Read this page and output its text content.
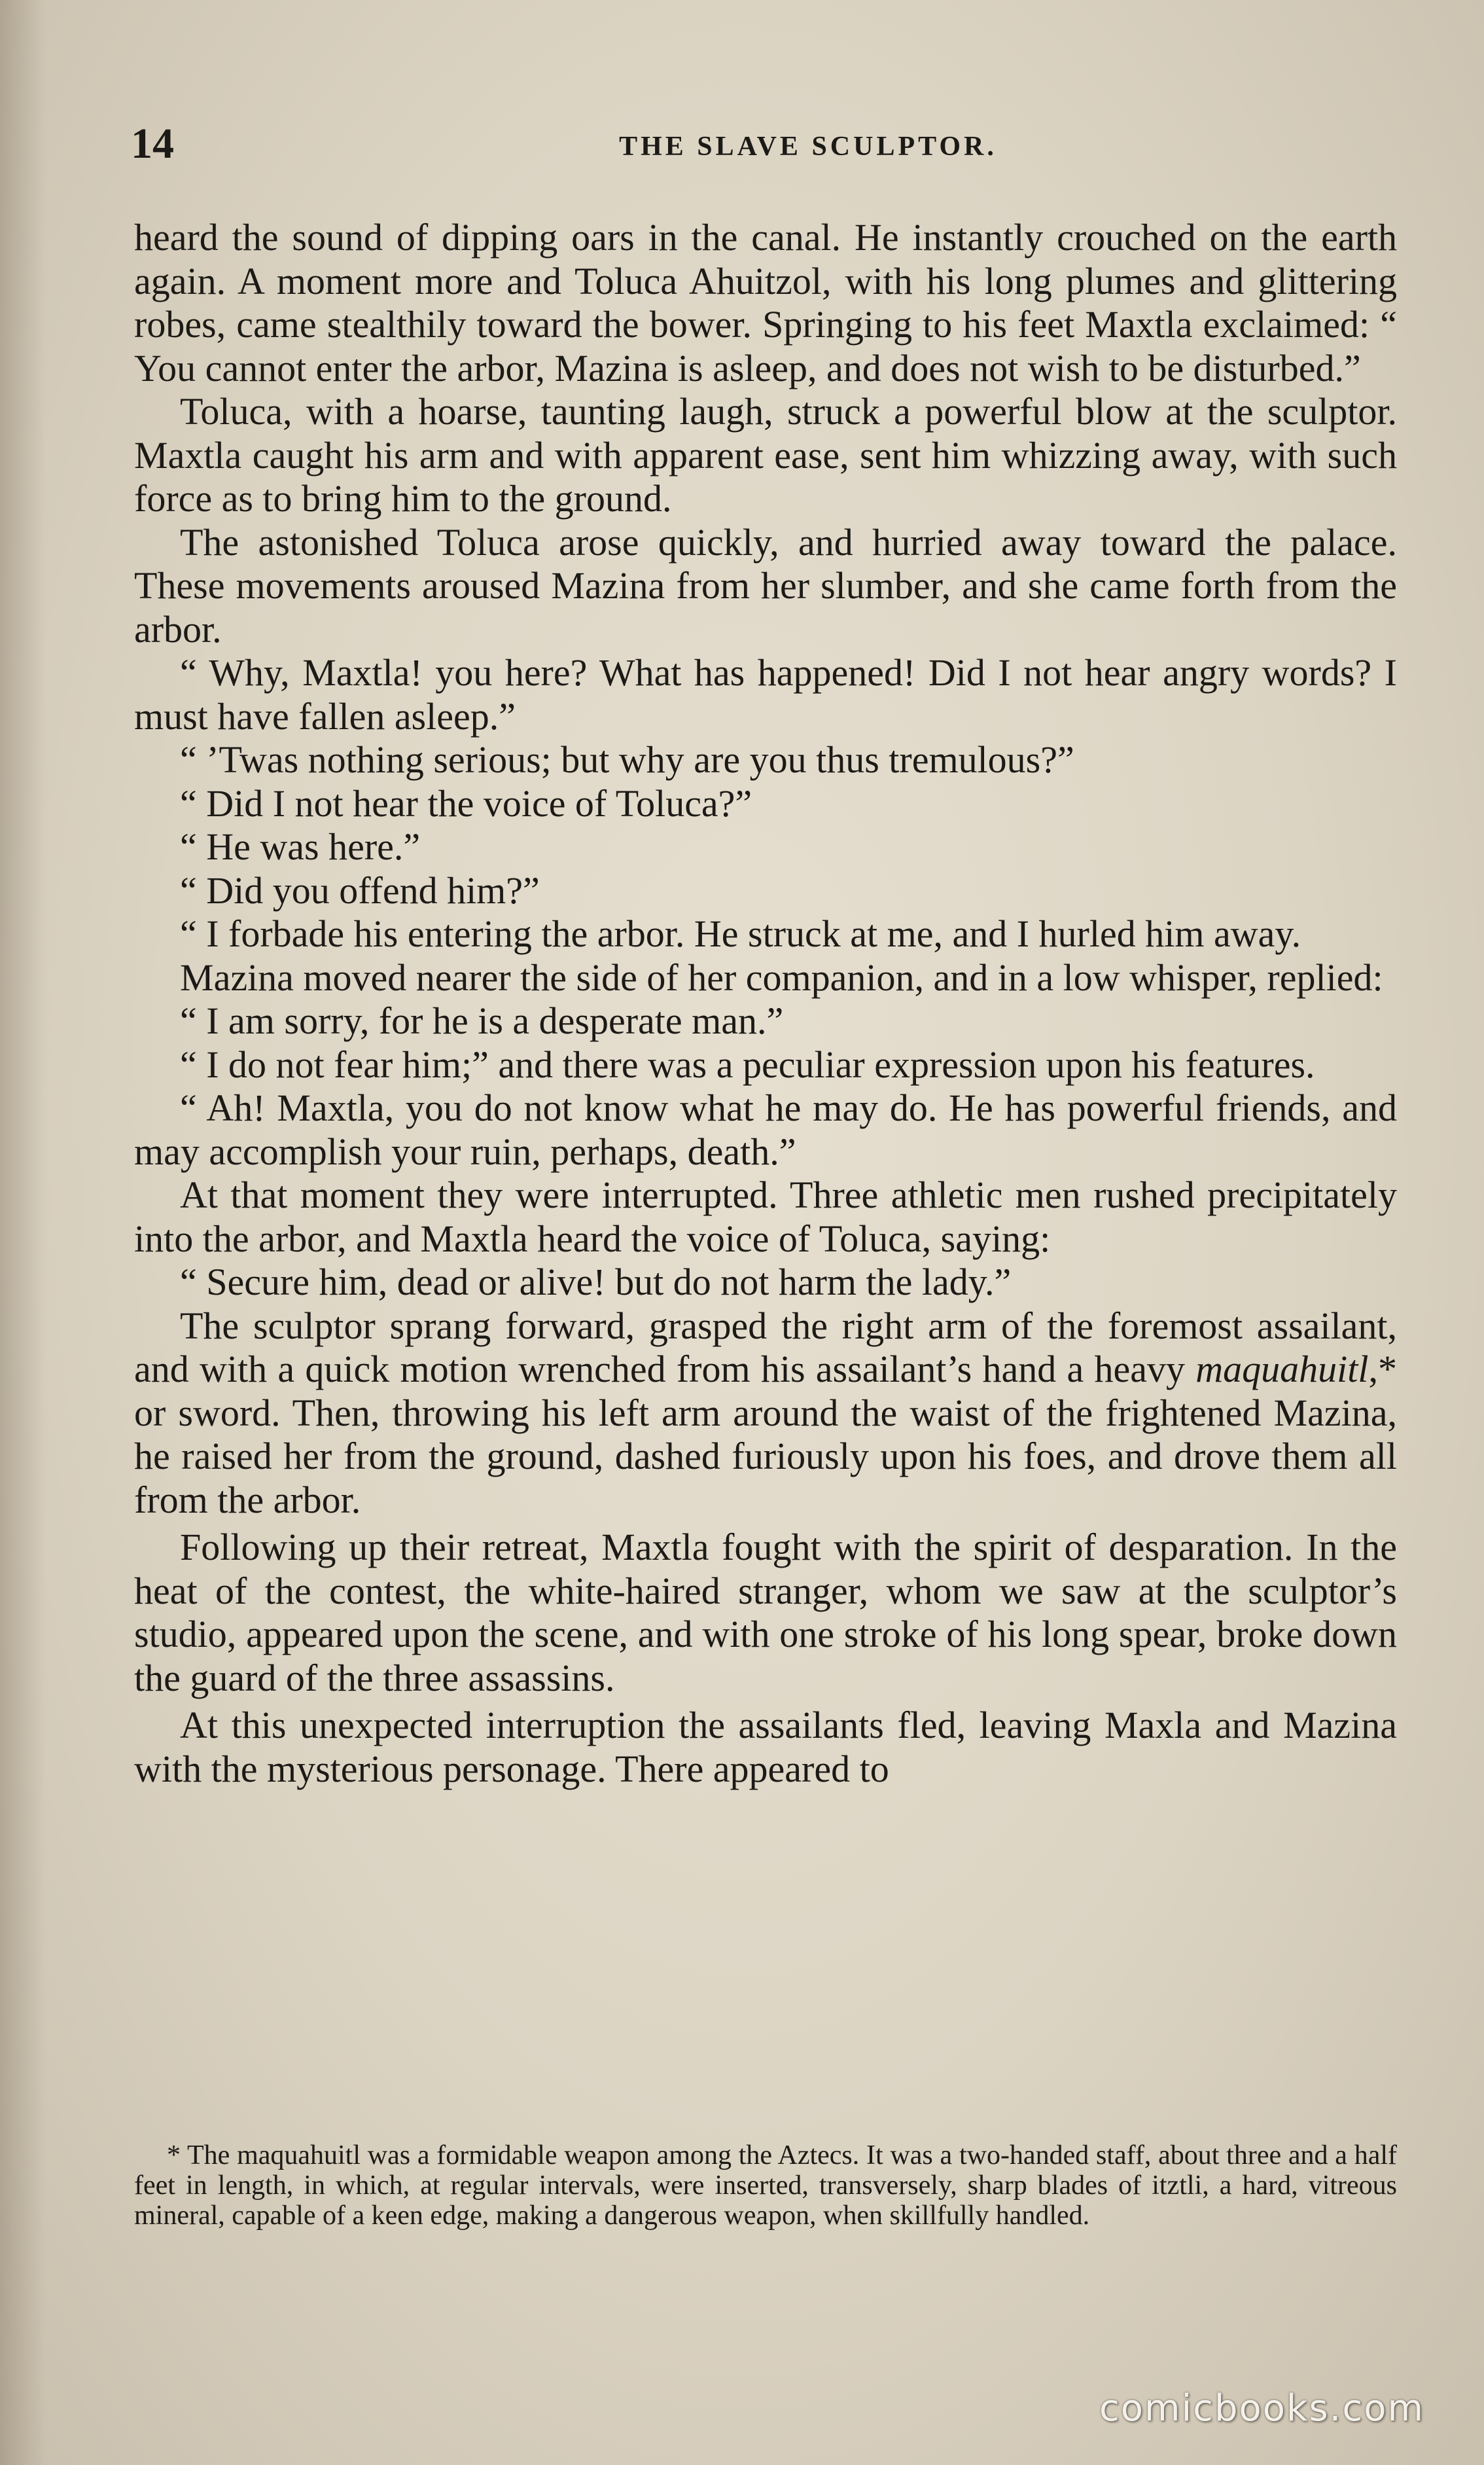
14	THE SLAVE SCULPTOR.

heard the sound of dipping oars in the canal. He instantly crouched on the earth again. A moment more and Toluca Ahuitzol, with his long plumes and glittering robes, came stealthily toward the bower. Springing to his feet Maxtla exclaimed: “ You cannot enter the arbor, Mazina is asleep, and does not wish to be disturbed.”

Toluca, with a hoarse, taunting laugh, struck a powerful blow at the sculptor. Maxtla caught his arm and with apparent ease, sent him whizzing away, with such force as to bring him to the ground.

The astonished Toluca arose quickly, and hurried away toward the palace. These movements aroused Mazina from her slumber, and she came forth from the arbor.

“ Why, Maxtla! you here? What has happened! Did I not hear angry words? I must have fallen asleep.”

“ ’Twas nothing serious; but why are you thus tremulous?”

“ Did I not hear the voice of Toluca?”

“ He was here.”

“ Did you offend him?”

“ I forbade his entering the arbor. He struck at me, and I hurled him away.

Mazina moved nearer the side of her companion, and in a low whisper, replied:

“ I am sorry, for he is a desperate man.”

“ I do not fear him;” and there was a peculiar expression upon his features.

“ Ah! Maxtla, you do not know what he may do. He has powerful friends, and may accomplish your ruin, perhaps, death.”

At that moment they were interrupted. Three athletic men rushed precipitately into the arbor, and Maxtla heard the voice of Toluca, saying:

“ Secure him, dead or alive! but do not harm the lady.”

The sculptor sprang forward, grasped the right arm of the foremost assailant, and with a quick motion wrenched from his assailant’s hand a heavy maquahuitl,* or sword. Then, throwing his left arm around the waist of the frightened Mazina, he raised her from the ground, dashed furiously upon his foes, and drove them all from the arbor.

Following up their retreat, Maxtla fought with the spirit of desparation. In the heat of the contest, the white-haired stranger, whom we saw at the sculptor’s studio, appeared upon the scene, and with one stroke of his long spear, broke down the guard of the three assassins.

At this unexpected interruption the assailants fled, leaving Maxla and Mazina with the mysterious personage. There appeared to

* The maquahuitl was a formidable weapon among the Aztecs. It was a two-handed staff, about three and a half feet in length, in which, at regular intervals, were inserted, transversely, sharp blades of itztli, a hard, vitreous mineral, capable of a keen edge, making a dangerous weapon, when skillfully handled.

comicbooks.com
